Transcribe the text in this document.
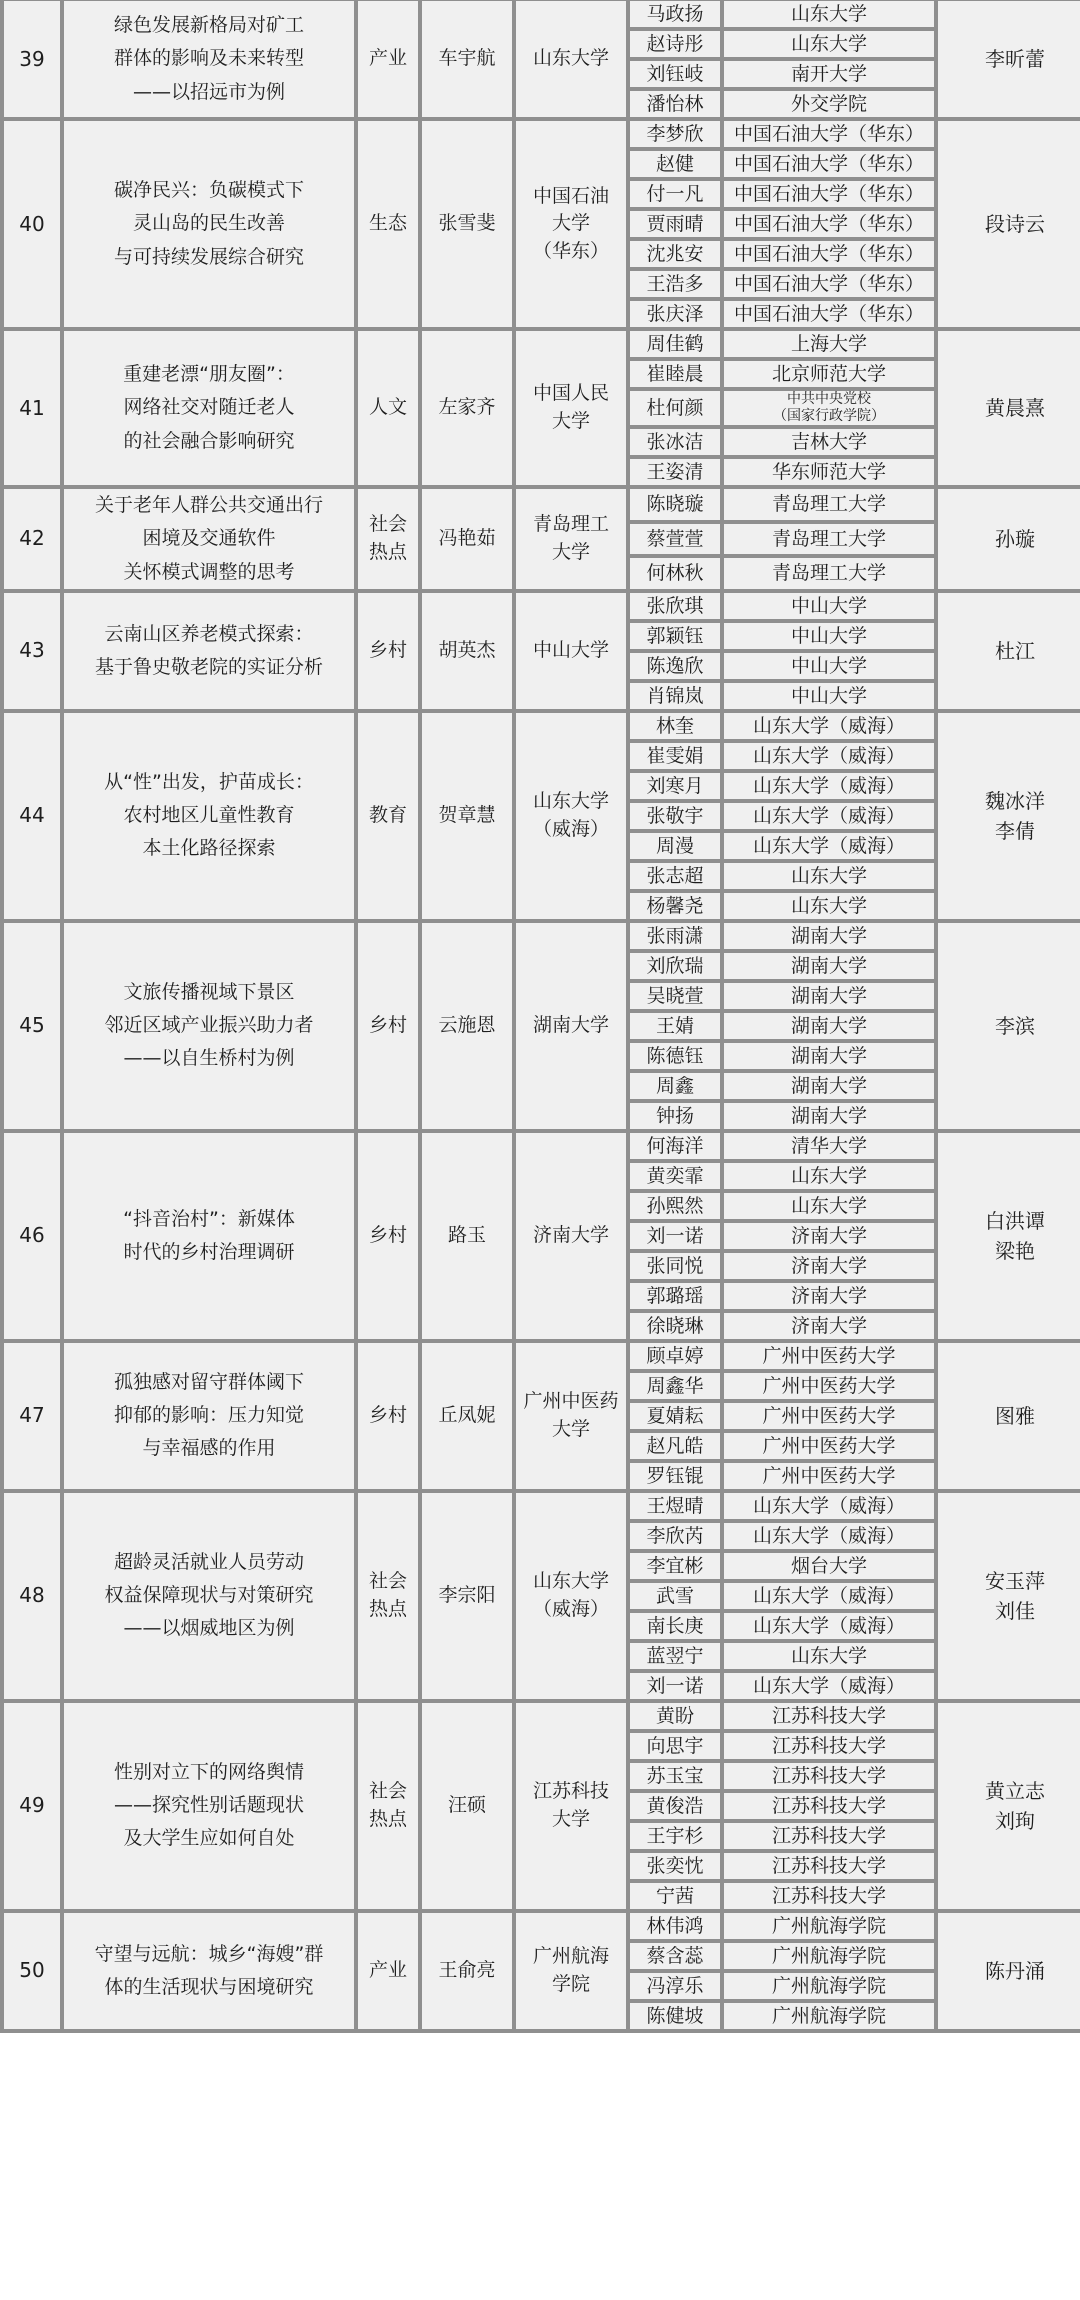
39	绿色发展新格局对矿工
群体的影响及未来转型
——以招远市为例	产业	车宇航	山东大学	马政扬	山东大学	李昕蕾

					赵诗彤	山东大学	

					刘钰岐	南开大学	

					潘怡林	外交学院	

40	碳净民兴：负碳模式下
灵山岛的民生改善
与可持续发展综合研究	生态	张雪斐	中国石油
大学
（华东）	李梦欣	中国石油大学（华东）	段诗云

					赵健	中国石油大学（华东）	

					付一凡	中国石油大学（华东）	

					贾雨晴	中国石油大学（华东）	

					沈兆安	中国石油大学（华东）	

					王浩多	中国石油大学（华东）	

					张庆泽	中国石油大学（华东）	

41	重建老漂“朋友圈”：
网络社交对随迁老人
的社会融合影响研究	人文	左家齐	中国人民
大学	周佳鹤	上海大学	黄晨熹

					崔睦晨	北京师范大学	

					杜何颜	中共中央党校
（国家行政学院）	

					张冰洁	吉林大学	

					王姿清	华东师范大学	

42	关于老年人群公共交通出行
困境及交通软件
关怀模式调整的思考	社会
热点	冯艳茹	青岛理工
大学	陈晓璇	青岛理工大学	孙璇

					蔡萱萱	青岛理工大学	

					何林秋	青岛理工大学	

43	云南山区养老模式探索：
基于鲁史敬老院的实证分析	乡村	胡英杰	中山大学	张欣琪	中山大学	杜江

					郭颖钰	中山大学	

					陈逸欣	中山大学	

					肖锦岚	中山大学	

44	从“性”出发，护苗成长：
农村地区儿童性教育
本土化路径探索	教育	贺章慧	山东大学
（威海）	林奎	山东大学（威海）	魏冰洋
李倩

					崔雯娟	山东大学（威海）	

					刘寒月	山东大学（威海）	

					张敬宇	山东大学（威海）	

					周漫	山东大学（威海）	

					张志超	山东大学	

					杨馨尧	山东大学	

45	文旅传播视域下景区
邻近区域产业振兴助力者
——以自生桥村为例	乡村	云施恩	湖南大学	张雨潇	湖南大学	李滨

					刘欣瑞	湖南大学	

					吴晓萱	湖南大学	

					王婧	湖南大学	

					陈德钰	湖南大学	

					周鑫	湖南大学	

					钟扬	湖南大学	

46	“抖音治村”：新媒体
时代的乡村治理调研	乡村	路玉	济南大学	何海洋	清华大学	白洪谭
梁艳

					黄奕霏	山东大学	

					孙熙然	山东大学	

					刘一诺	济南大学	

					张同悦	济南大学	

					郭璐瑶	济南大学	

					徐晓琳	济南大学	

47	孤独感对留守群体阈下
抑郁的影响：压力知觉
与幸福感的作用	乡村	丘凤妮	广州中医药
大学	顾卓婷	广州中医药大学	图雅

					周鑫华	广州中医药大学	

					夏婧耘	广州中医药大学	

					赵凡皓	广州中医药大学	

					罗钰锟	广州中医药大学	

48	超龄灵活就业人员劳动
权益保障现状与对策研究
——以烟威地区为例	社会
热点	李宗阳	山东大学
（威海）	王煜晴	山东大学（威海）	安玉萍
刘佳

					李欣芮	山东大学（威海）	

					李宜彬	烟台大学	

					武雪	山东大学（威海）	

					南长庚	山东大学（威海）	

					蓝翌宁	山东大学	

					刘一诺	山东大学（威海）	

49	性别对立下的网络舆情
——探究性别话题现状
及大学生应如何自处	社会
热点	汪硕	江苏科技
大学	黄盼	江苏科技大学	黄立志
刘珣

					向思宇	江苏科技大学	

					苏玉宝	江苏科技大学	

					黄俊浩	江苏科技大学	

					王宇杉	江苏科技大学	

					张奕忱	江苏科技大学	

					宁茜	江苏科技大学	

50	守望与远航：城乡“海嫂”群
体的生活现状与困境研究	产业	王俞亮	广州航海
学院	林伟鸿	广州航海学院	陈丹涌

					蔡含蕊	广州航海学院	

					冯淳乐	广州航海学院	

					陈健坡	广州航海学院	
